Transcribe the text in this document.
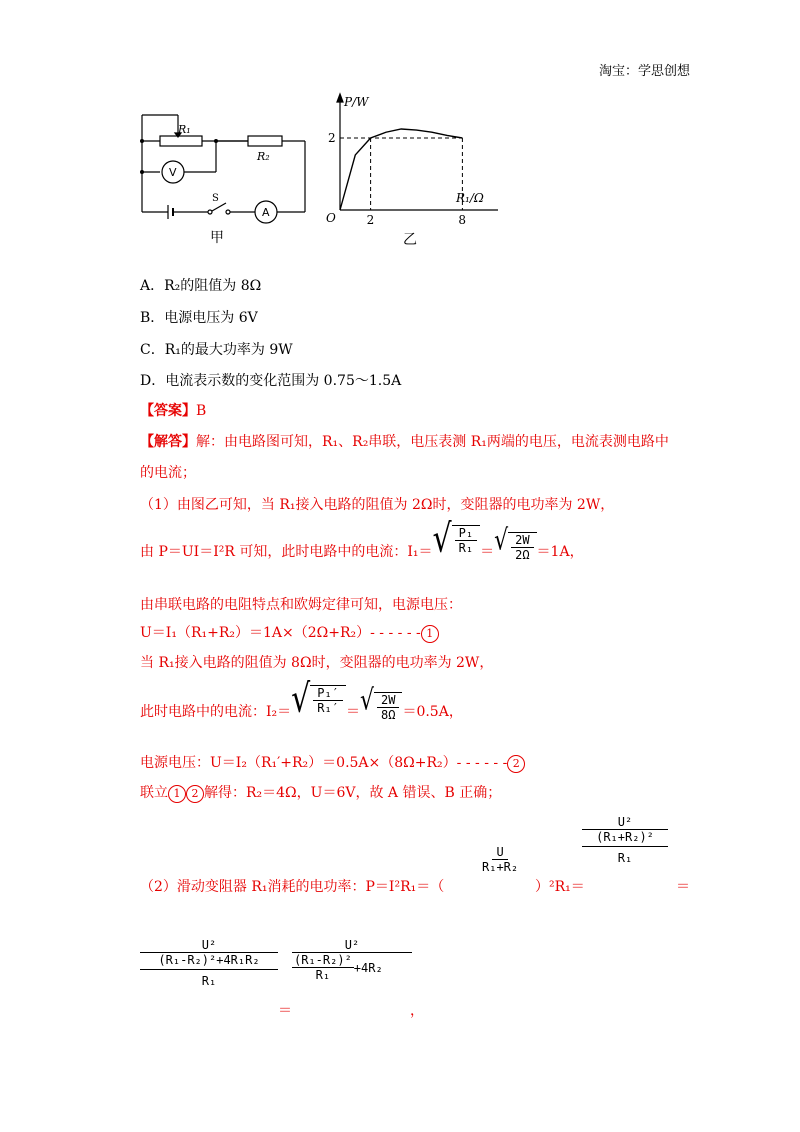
淘宝：学思创想
R₁
R₂
V
A
S
甲
P/W
R₁/Ω
O	2	8
2
乙
A．R₂的阻值为 8Ω
B．电源电压为 6V
C．R₁的最大功率为 9W
D．电流表示数的变化范围为 0.75～1.5A
【答案】B
【解答】解：由电路图可知，R₁、R₂串联，电压表测 R₁两端的电压，电流表测电路中
的电流；
（1）由图乙可知，当 R₁接入电路的阻值为 2Ω时，变阻器的电功率为 2W，
由 P＝UI＝I²R 可知，此时电路中的电流：I₁＝ √ $\frac{\text{P₁}}{\text{R₁}}$ ＝ √ $\frac{2W}{2\Omega} =1A$，
由串联电路的电阻特点和欧姆定律可知，电源电压：
U＝I₁（R₁+R₂）＝1A×（2Ω+R₂）- - - - - - 1
当 R₁接入电路的阻值为 8Ω时，变阻器的电功率为 2W，
此时电路中的电流：I₂＝ √ $\frac{\text{P₁′}}{\text{R₁′}}$ ＝ √ $\frac{2W}{8\Omega} =0.5A$，
电源电压：U＝I₂（R₁′+R₂）＝0.5A×（8Ω+R₂）- - - - - - 2
联立 1 2 解得：R₂＝4Ω，U＝6V，故 A 错误、B 正确；
（2）滑动变阻器 R₁消耗的电功率：P＝I²R₁＝（
$\frac{U}{\text{R₁+R₂}}$
）²R₁＝
U²
(R₁+R₂)²
R₁
＝
U²
(R₁-R₂)²+4R₁R₂
R₁
＝
U²
(R₁-R₂)²
R₁
+4R₂
，
